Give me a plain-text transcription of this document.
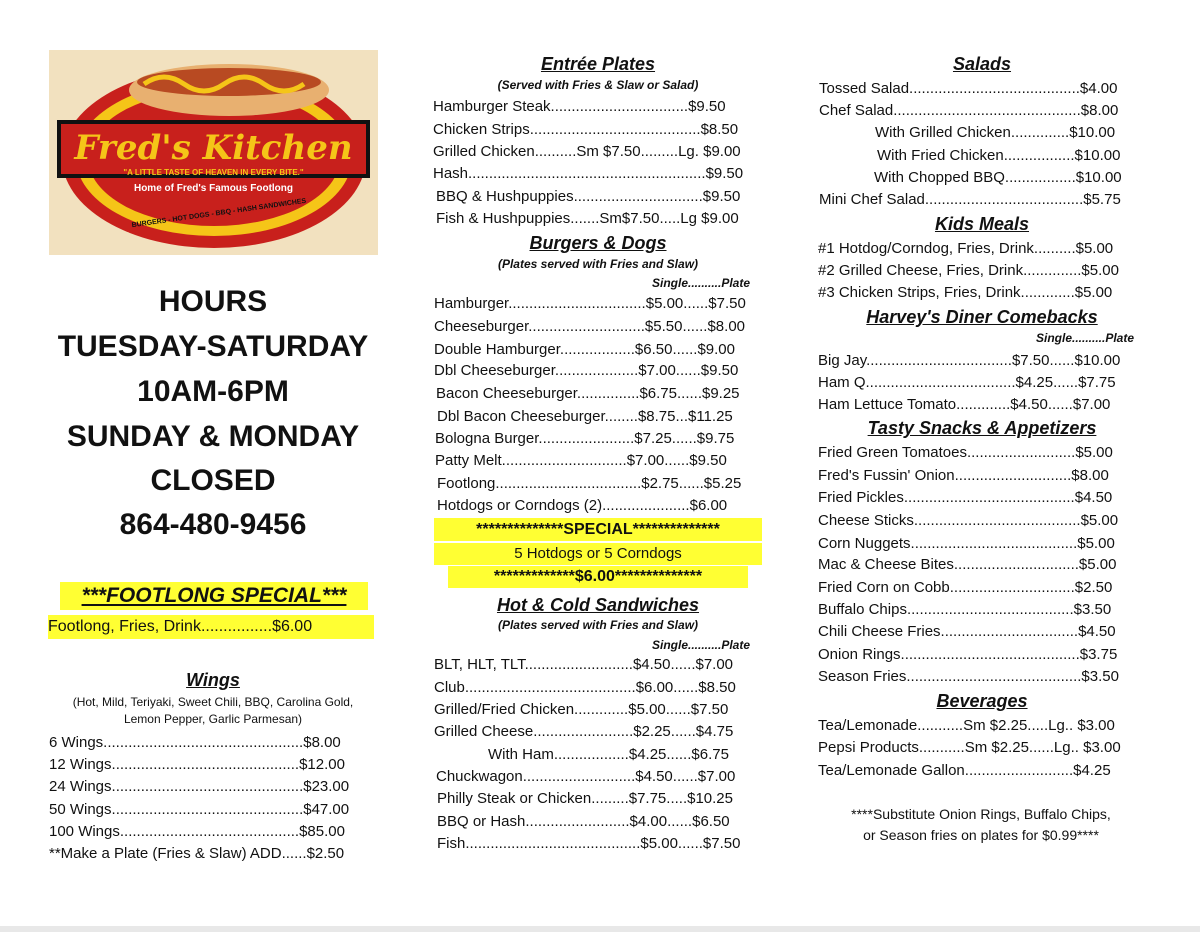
Fred's Kitchen
"A LITTLE TASTE OF HEAVEN IN EVERY BITE."
Home of Fred's Famous Footlong
BURGERS - HOT DOGS - BBQ - HASH SANDWICHES
HOURS
TUESDAY-SATURDAY
10AM-6PM
SUNDAY & MONDAY
CLOSED
864-480-9456
***FOOTLONG SPECIAL***
Footlong, Fries, Drink................$6.00
Wings
(Hot, Mild, Teriyaki, Sweet Chili, BBQ, Carolina Gold,
Lemon Pepper, Garlic Parmesan)
6 Wings................................................$8.00
12 Wings.............................................$12.00
24 Wings..............................................$23.00
50 Wings..............................................$47.00
100 Wings...........................................$85.00
**Make a Plate (Fries & Slaw) ADD......$2.50
Entrée Plates
(Served with Fries & Slaw or Salad)
Hamburger Steak.................................$9.50
Chicken Strips.........................................$8.50
Grilled Chicken..........Sm $7.50.........Lg. $9.00
Hash.........................................................$9.50
BBQ & Hushpuppies...............................$9.50
Fish & Hushpuppies.......Sm$7.50.....Lg $9.00
Burgers & Dogs
(Plates served with Fries and Slaw)
Single..........Plate
Hamburger.................................$5.00......$7.50
Cheeseburger............................$5.50......$8.00
Double Hamburger..................$6.50......$9.00
Dbl Cheeseburger....................$7.00......$9.50
Bacon Cheeseburger...............$6.75......$9.25
Dbl Bacon Cheeseburger........$8.75...$11.25
Bologna Burger.......................$7.25......$9.75
Patty Melt..............................$7.00......$9.50
Footlong...................................$2.75......$5.25
Hotdogs or Corndogs (2).....................$6.00
**************SPECIAL**************
5 Hotdogs or 5 Corndogs
*************$6.00**************
Hot & Cold Sandwiches
(Plates served with Fries and Slaw)
Single..........Plate
BLT, HLT, TLT..........................$4.50......$7.00
Club.........................................$6.00......$8.50
Grilled/Fried Chicken.............$5.00......$7.50
Grilled Cheese........................$2.25......$4.75
With Ham..................$4.25......$6.75
Chuckwagon...........................$4.50......$7.00
Philly Steak or Chicken.........$7.75.....$10.25
BBQ or Hash.........................$4.00......$6.50
Fish..........................................$5.00......$7.50
Salads
Tossed Salad.........................................$4.00
Chef Salad.............................................$8.00
With Grilled Chicken..............$10.00
With Fried Chicken.................$10.00
With Chopped BBQ.................$10.00
Mini Chef Salad......................................$5.75
Kids Meals
#1 Hotdog/Corndog, Fries, Drink..........$5.00
#2 Grilled Cheese, Fries, Drink..............$5.00
#3 Chicken Strips, Fries, Drink.............$5.00
Harvey's Diner Comebacks
Single..........Plate
Big Jay...................................$7.50......$10.00
Ham Q....................................$4.25......$7.75
Ham Lettuce Tomato.............$4.50......$7.00
Tasty Snacks & Appetizers
Fried Green Tomatoes..........................$5.00
Fred's Fussin' Onion............................$8.00
Fried Pickles.........................................$4.50
Cheese Sticks........................................$5.00
Corn Nuggets........................................$5.00
Mac & Cheese Bites..............................$5.00
Fried Corn on Cobb..............................$2.50
Buffalo Chips........................................$3.50
Chili Cheese Fries.................................$4.50
Onion Rings...........................................$3.75
Season Fries..........................................$3.50
Beverages
Tea/Lemonade...........Sm $2.25.....Lg.. $3.00
Pepsi Products...........Sm $2.25......Lg.. $3.00
Tea/Lemonade Gallon..........................$4.25
****Substitute Onion Rings, Buffalo Chips,
or Season fries on plates for $0.99****
